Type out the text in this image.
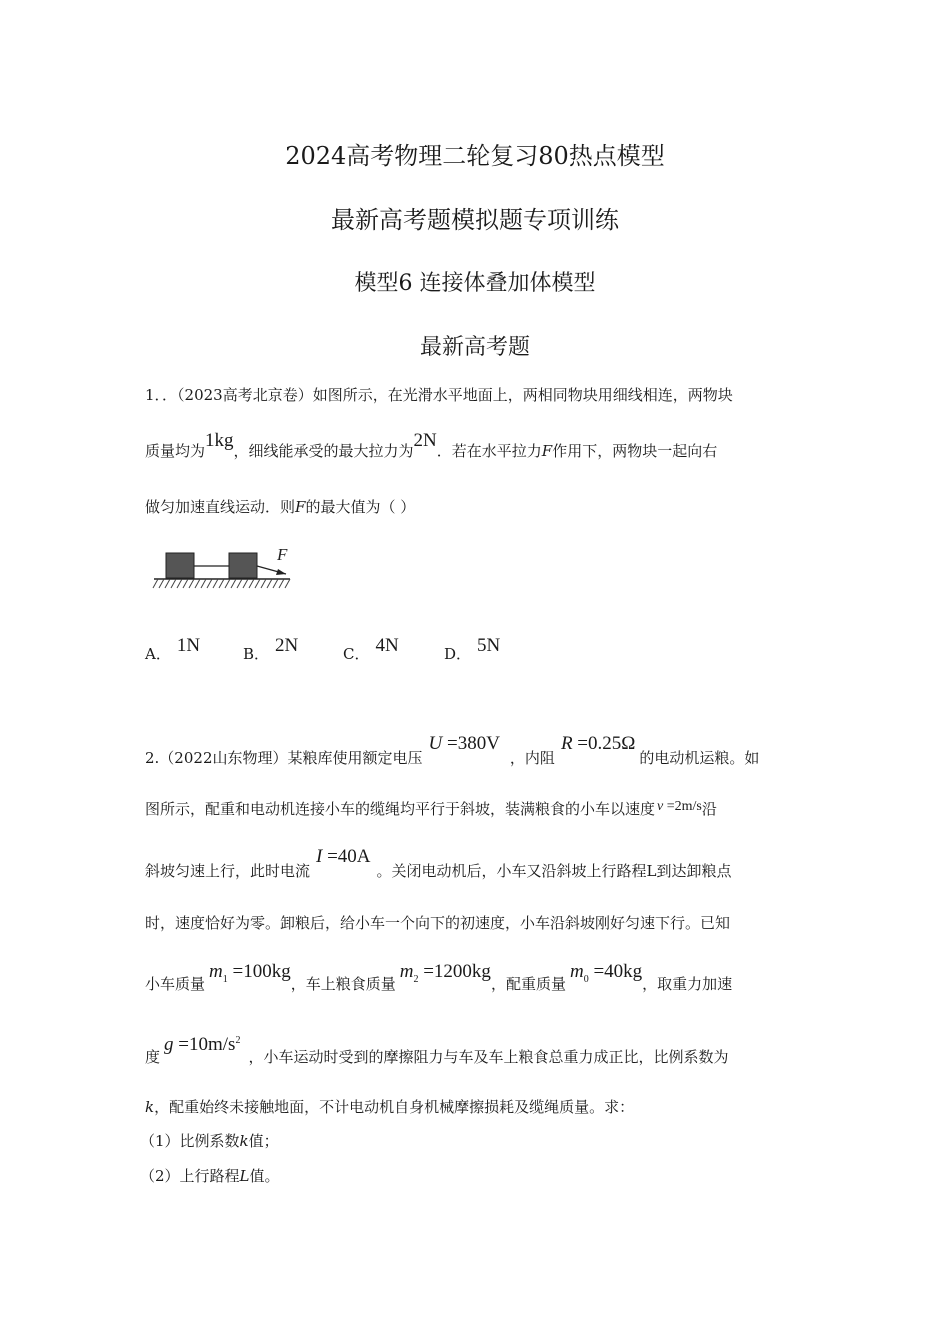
2024高考物理二轮复习80热点模型
最新高考题模拟题专项训练
模型6 连接体叠加体模型
最新高考题
1．．（2023高考北京卷）如图所示，在光滑水平地面上，两相同物块用细线相连，两物块
质量均为1kg，细线能承受的最大拉力为2N．若在水平拉力F作用下，两物块一起向右
做匀加速直线运动．则F的最大值为（ ）
F
A． 1N	B． 2N	C． 4N	D． 5N
2.（2022山东物理）某粮库使用额定电压U =380V，内阻R =0.25Ω的电动机运粮。如
图所示，配重和电动机连接小车的缆绳均平行于斜坡，装满粮食的小车以速度 v =2m/s沿
斜坡匀速上行，此时电流I =40A。关闭电动机后，小车又沿斜坡上行路程L到达卸粮点
时，速度恰好为零。卸粮后，给小车一个向下的初速度，小车沿斜坡刚好匀速下行。已知
小车质量$m_1 =100kg$，车上粮食质量$m_2 =1200kg$，配重质量$m_0 =40kg$，取重力加速
度$g =10m/s^2$，小车运动时受到的摩擦阻力与车及车上粮食总重力成正比，比例系数为
k，配重始终未接触地面，不计电动机自身机械摩擦损耗及缆绳质量。求：
（1）比例系数k值；
（2）上行路程L值。
